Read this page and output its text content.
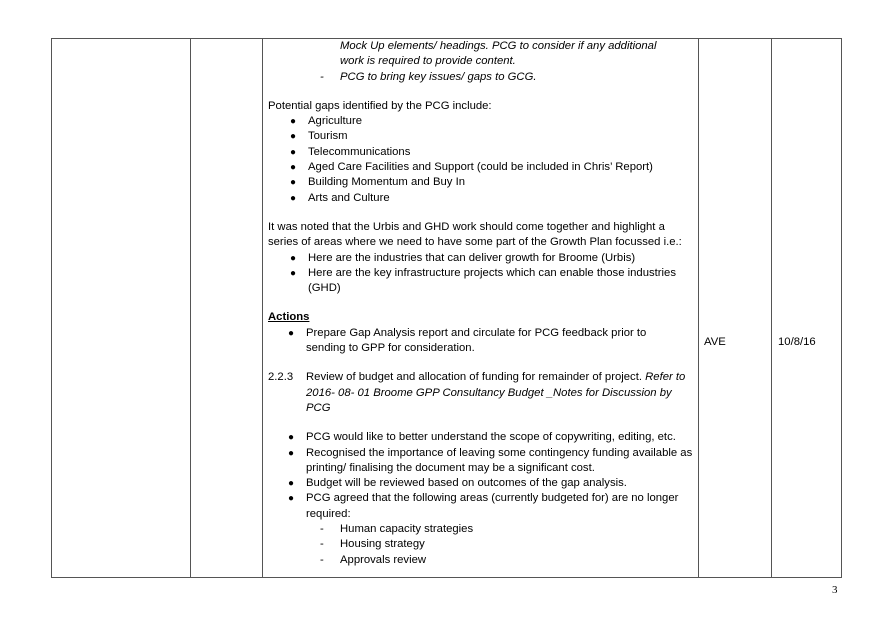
Mock Up elements/ headings. PCG to consider if any additional
work is required to provide content.
- PCG to bring key issues/ gaps to GCG.
Potential gaps identified by the PCG include:
● Agriculture
● Tourism
● Telecommunications
● Aged Care Facilities and Support (could be included in Chris’ Report)
● Building Momentum and Buy In
● Arts and Culture
It was noted that the Urbis and GHD work should come together and highlight a series of areas where we need to have some part of the Growth Plan focussed i.e.:
● Here are the industries that can deliver growth for Broome (Urbis)
● Here are the key infrastructure projects which can enable those industries (GHD)
Actions
● Prepare Gap Analysis report and circulate for PCG feedback prior to sending to GPP for consideration.
2.2.3 Review of budget and allocation of funding for remainder of project. Refer to 2016- 08- 01 Broome GPP Consultancy Budget _Notes for Discussion by PCG
● PCG would like to better understand the scope of copywriting, editing, etc.
● Recognised the importance of leaving some contingency funding available as printing/ finalising the document may be a significant cost.
● Budget will be reviewed based on outcomes of the gap analysis.
● PCG agreed that the following areas (currently budgeted for) are no longer required:
- Human capacity strategies
- Housing strategy
- Approvals review
AVE	10/8/16
3
